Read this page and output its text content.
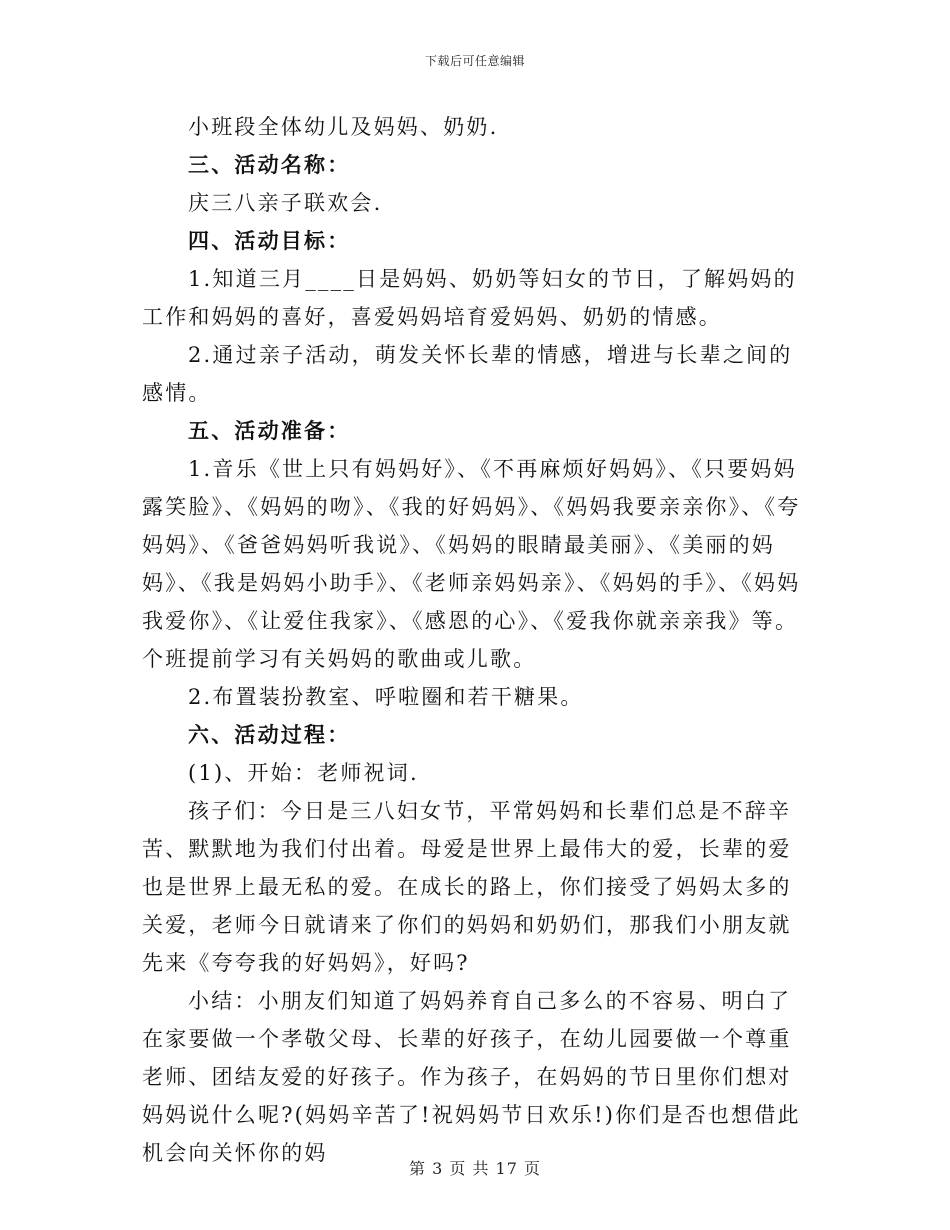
下载后可任意编辑

小班段全体幼儿及妈妈、奶奶.

三、活动名称：

庆三八亲子联欢会.

四、活动目标：

1.知道三月____日是妈妈、奶奶等妇女的节日，了解妈妈的工作和妈妈的喜好，喜爱妈妈培育爱妈妈、奶奶的情感。

2.通过亲子活动，萌发关怀长辈的情感，增进与长辈之间的感情。

五、活动准备：

1.音乐《世上只有妈妈好》、《不再麻烦好妈妈》、《只要妈妈露笑脸》、《妈妈的吻》、《我的好妈妈》、《妈妈我要亲亲你》、《夸妈妈》、《爸爸妈妈听我说》、《妈妈的眼睛最美丽》、《美丽的妈妈》、《我是妈妈小助手》、《老师亲妈妈亲》、《妈妈的手》、《妈妈我爱你》、《让爱住我家》、《感恩的心》、《爱我你就亲亲我》等。个班提前学习有关妈妈的歌曲或儿歌。

2.布置装扮教室、呼啦圈和若干糖果。

六、活动过程：

(1)、开始：老师祝词.

孩子们：今日是三八妇女节，平常妈妈和长辈们总是不辞辛苦、默默地为我们付出着。母爱是世界上最伟大的爱，长辈的爱也是世界上最无私的爱。在成长的路上，你们接受了妈妈太多的关爱，老师今日就请来了你们的妈妈和奶奶们，那我们小朋友就先来《夸夸我的好妈妈》，好吗?

小结：小朋友们知道了妈妈养育自己多么的不容易、明白了在家要做一个孝敬父母、长辈的好孩子，在幼儿园要做一个尊重老师、团结友爱的好孩子。作为孩子，在妈妈的节日里你们想对妈妈说什么呢?(妈妈辛苦了!祝妈妈节日欢乐!)你们是否也想借此机会向关怀你的妈

第 3 页 共 17 页
